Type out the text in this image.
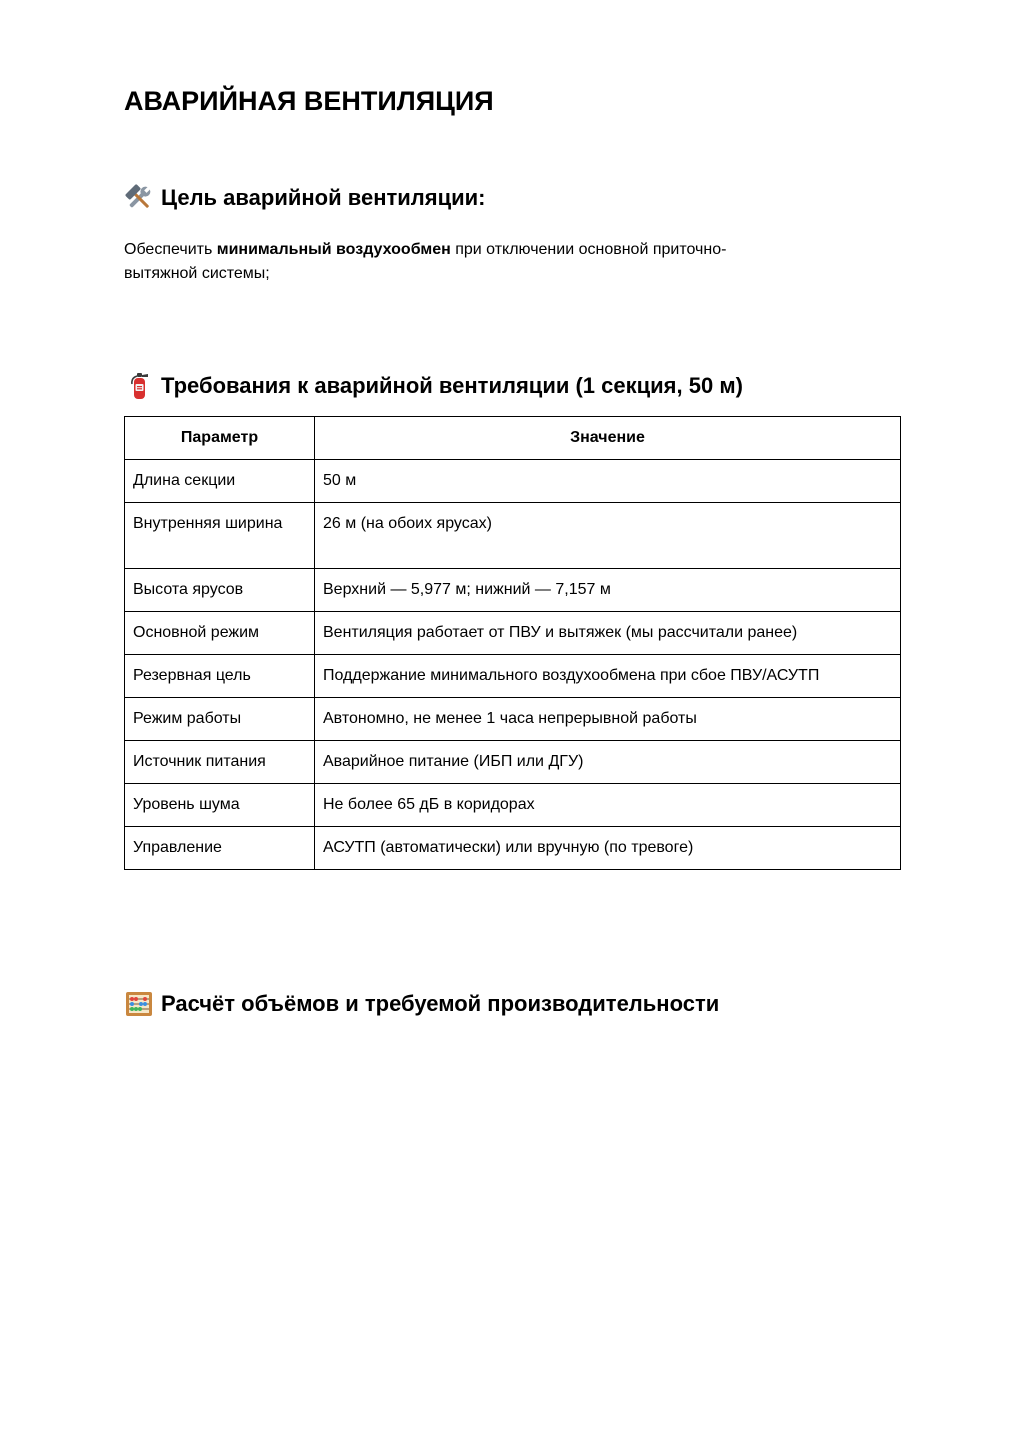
АВАРИЙНАЯ ВЕНТИЛЯЦИЯ
Цель аварийной вентиляции:

Обеспечить минимальный воздухообмен при отключении основной приточно-вытяжной системы;

Требования к аварийной вентиляции (1 секция, 50 м)
Параметр	Значение
Длина секции	50 м
Внутренняя ширина	26 м (на обоих ярусах)
Высота ярусов	Верхний — 5,977 м; нижний — 7,157 м
Основной режим	Вентиляция работает от ПВУ и вытяжек (мы рассчитали ранее)
Резервная цель	Поддержание минимального воздухообмена при сбое ПВУ/АСУТП
Режим работы	Автономно, не менее 1 часа непрерывной работы
Источник питания	Аварийное питание (ИБП или ДГУ)
Уровень шума	Не более 65 дБ в коридорах
Управление	АСУТП (автоматически) или вручную (по тревоге)
Расчёт объёмов и требуемой производительности
